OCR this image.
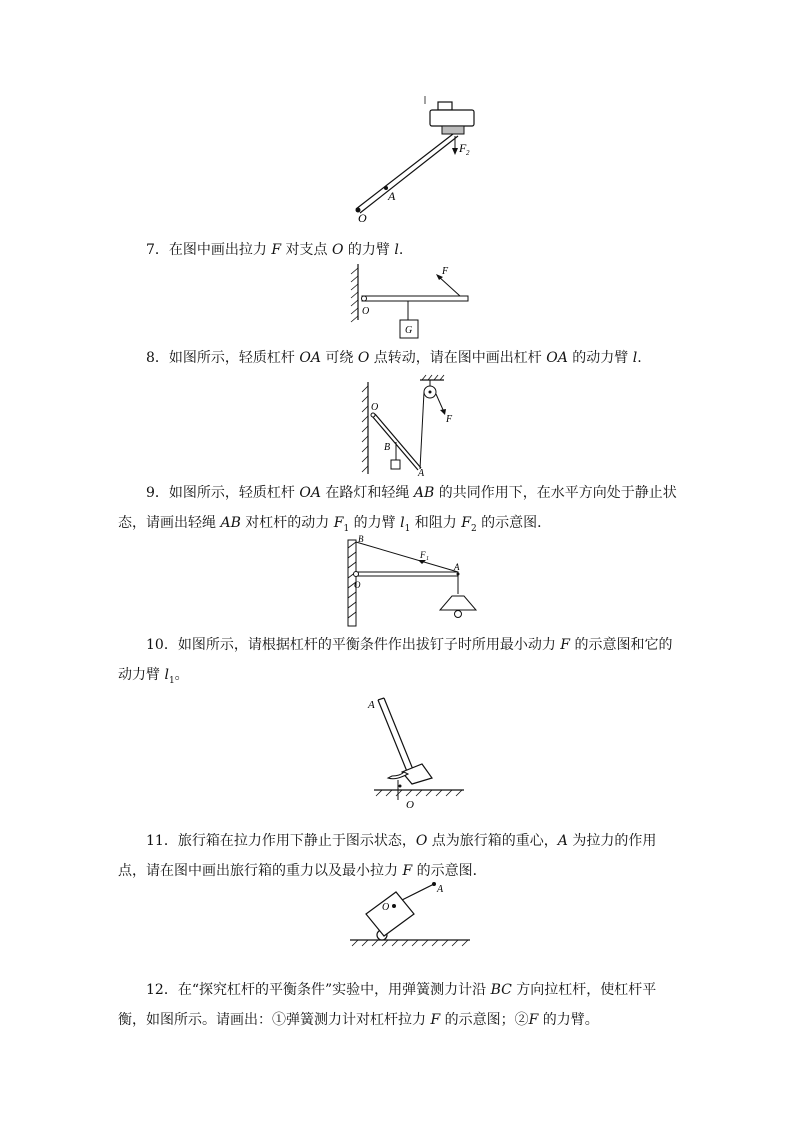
F 2
A
O

7．在图中画出拉力 F 对支点 O 的力臂 l.

G
F
O

8．如图所示，轻质杠杆 OA 可绕 O 点转动，请在图中画出杠杆 OA 的动力臂 l.

O
B
A
F

9．如图所示，轻质杠杆 OA 在路灯和轻绳 AB 的共同作用下，在水平方向处于静止状态，请画出轻绳 AB 对杠杆的动力 $F_1$ 的力臂 $l_1$ 和阻力 $F_2$ 的示意图．

B
F 1
A
O

10．如图所示，请根据杠杆的平衡条件作出拔钉子时所用最小动力 F 的示意图和它的动力臂 $l_1$。

A
O

11．旅行箱在拉力作用下静止于图示状态，O 点为旅行箱的重心，A 为拉力的作用点，请在图中画出旅行箱的重力以及最小拉力 F 的示意图．

O
A

12．在“探究杠杆的平衡条件”实验中，用弹簧测力计沿 BC 方向拉杠杆，使杠杆平衡，如图所示。请画出：①弹簧测力计对杠杆拉力 F 的示意图；②F 的力臂。
